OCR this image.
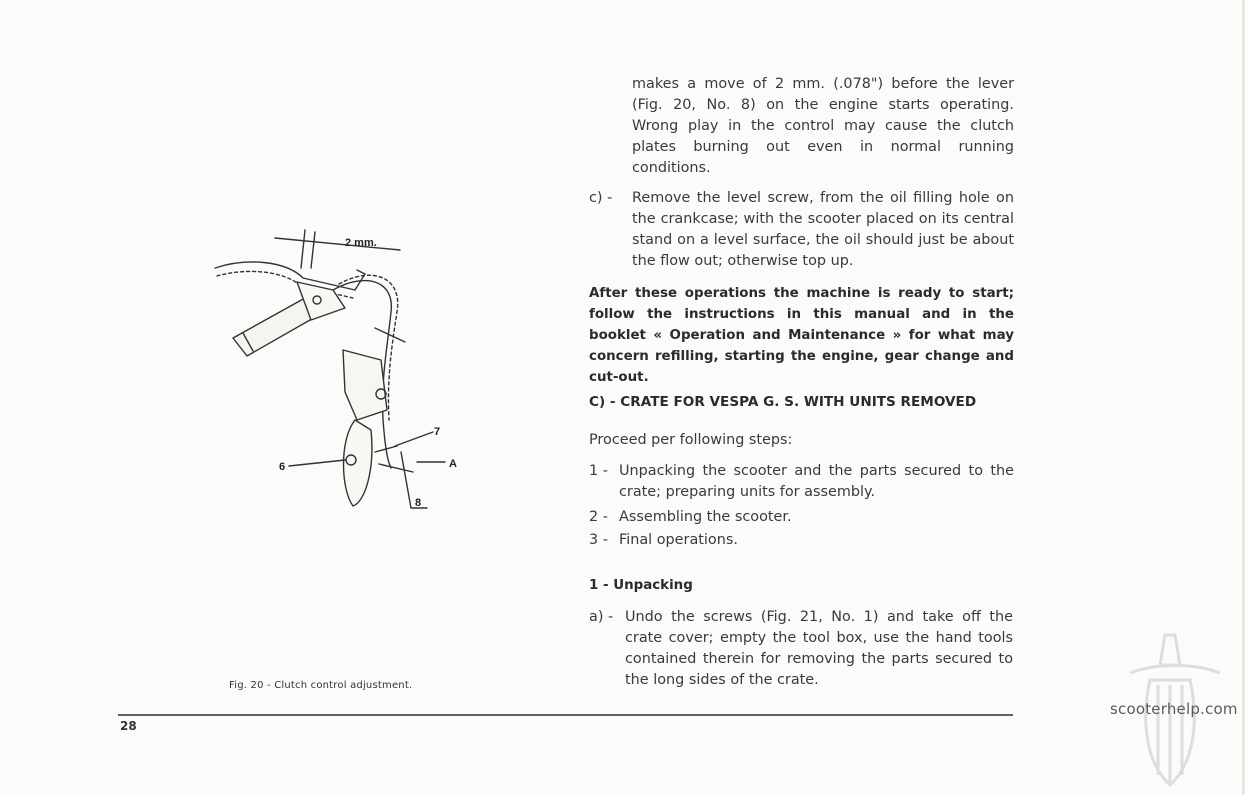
2 mm.
7
6	A
8
Fig. 20 - Clutch control adjustment.
28

makes a move of 2 mm. (.078") before the lever (Fig. 20, No. 8) on the engine starts operating. Wrong play in the control may cause the clutch plates burning out even in normal running conditions.

c) - Remove the level screw, from the oil filling hole on the crankcase; with the scooter placed on its central stand on a level surface, the oil should just be about the flow out; otherwise top up.

After these operations the machine is ready to start; follow the instructions in this manual and in the booklet « Operation and Maintenance » for what may concern refilling, starting the engine, gear change and cut-out.

C) - CRATE FOR VESPA G. S. WITH UNITS REMOVED
Proceed per following steps:
1 - Unpacking the scooter and the parts secured to the crate; preparing units for assembly.
2 - Assembling the scooter.
3 - Final operations.
1 - Unpacking
a) - Undo the screws (Fig. 21, No. 1) and take off the crate cover; empty the tool box, use the hand tools contained therein for removing the parts secured to the long sides of the crate.

scooterhelp.com
